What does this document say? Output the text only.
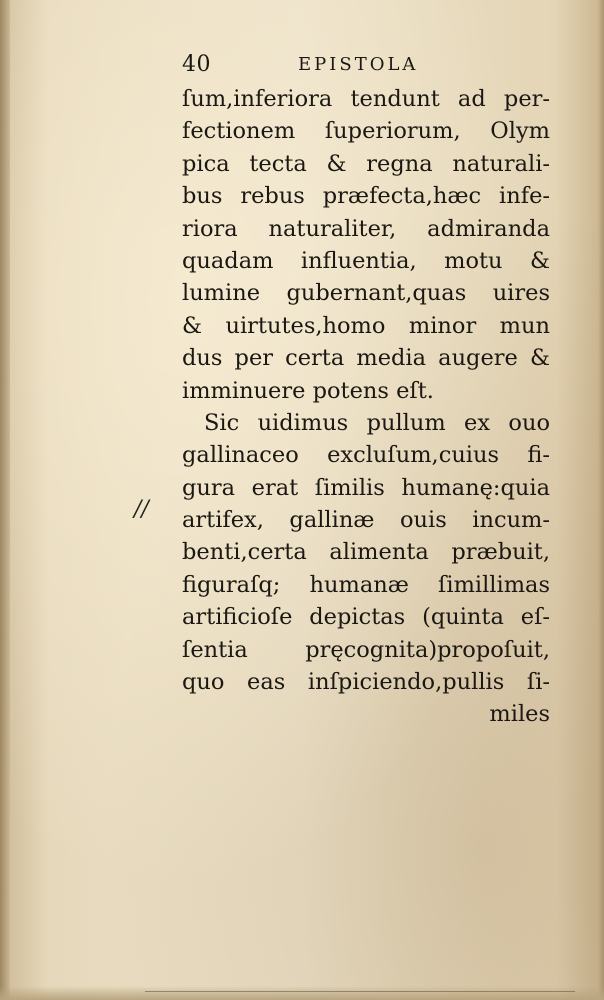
40	EPISTOLA
//
ſum,inferiora tendunt ad per-
fectionem ſuperiorum, Olym
pica tecta & regna naturali-
bus rebus præfecta,hæc infe-
riora naturaliter, admiranda
quadam influentia, motu &
lumine gubernant,quas uires
& uirtutes,homo minor mun
dus per certa media augere &
imminuere potens eſt.
Sic uidimus pullum ex ouo
gallinaceo excluſum,cuius fi-
gura erat ſimilis humanę:quia
artifex, gallinæ ouis incum-
benti,certa alimenta præbuit,
figuraſq; humanæ ſimillimas
artificioſe depictas (quinta eſ-
ſentia pręcognita)propoſuit,
quo eas inſpiciendo,pullis ſi-
miles
